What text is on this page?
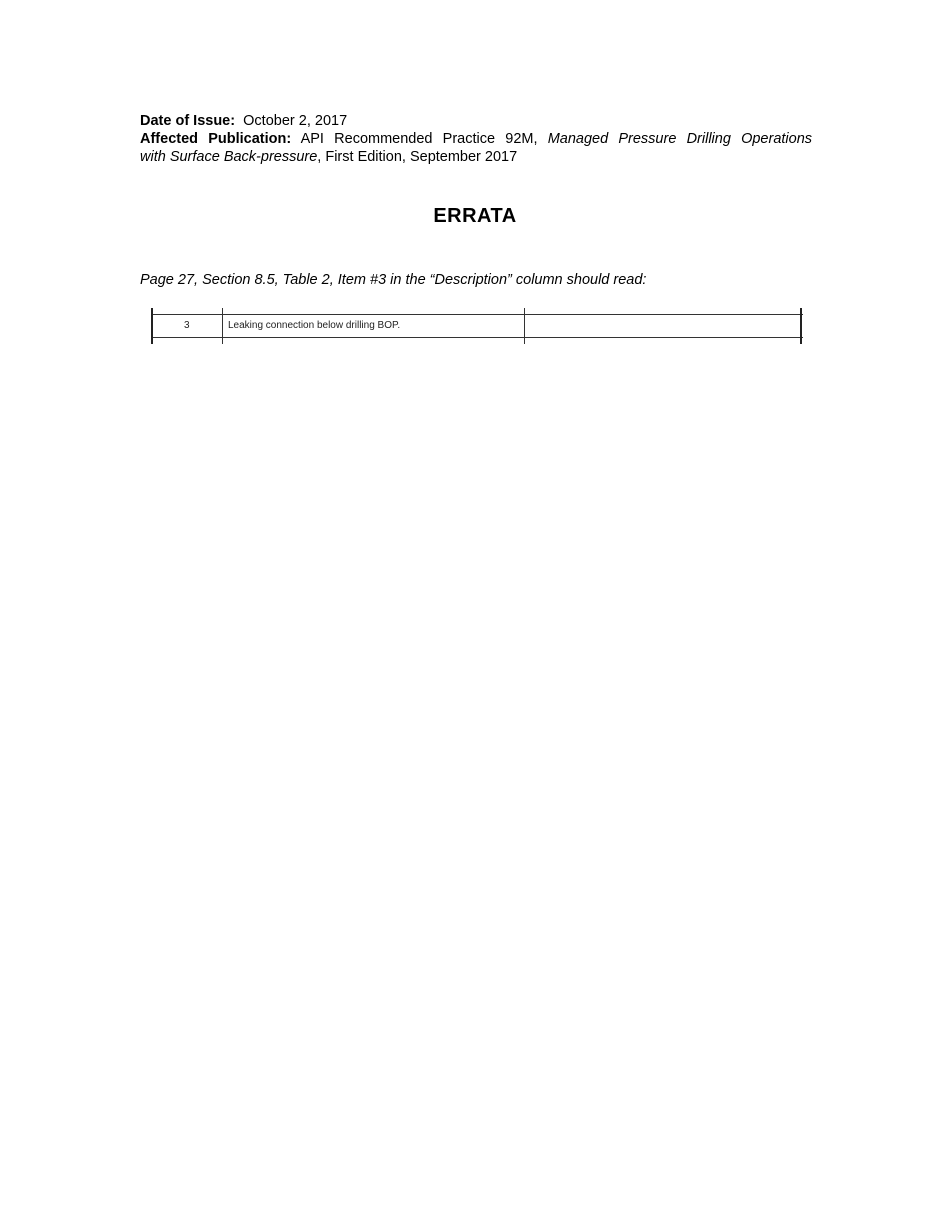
Date of Issue: October 2, 2017

Affected Publication: API Recommended Practice 92M, Managed Pressure Drilling Operations

with Surface Back-pressure, First Edition, September 2017

ERRATA

Page 27, Section 8.5, Table 2, Item #3 in the “Description” column should read:

3	Leaking connection below drilling BOP.
